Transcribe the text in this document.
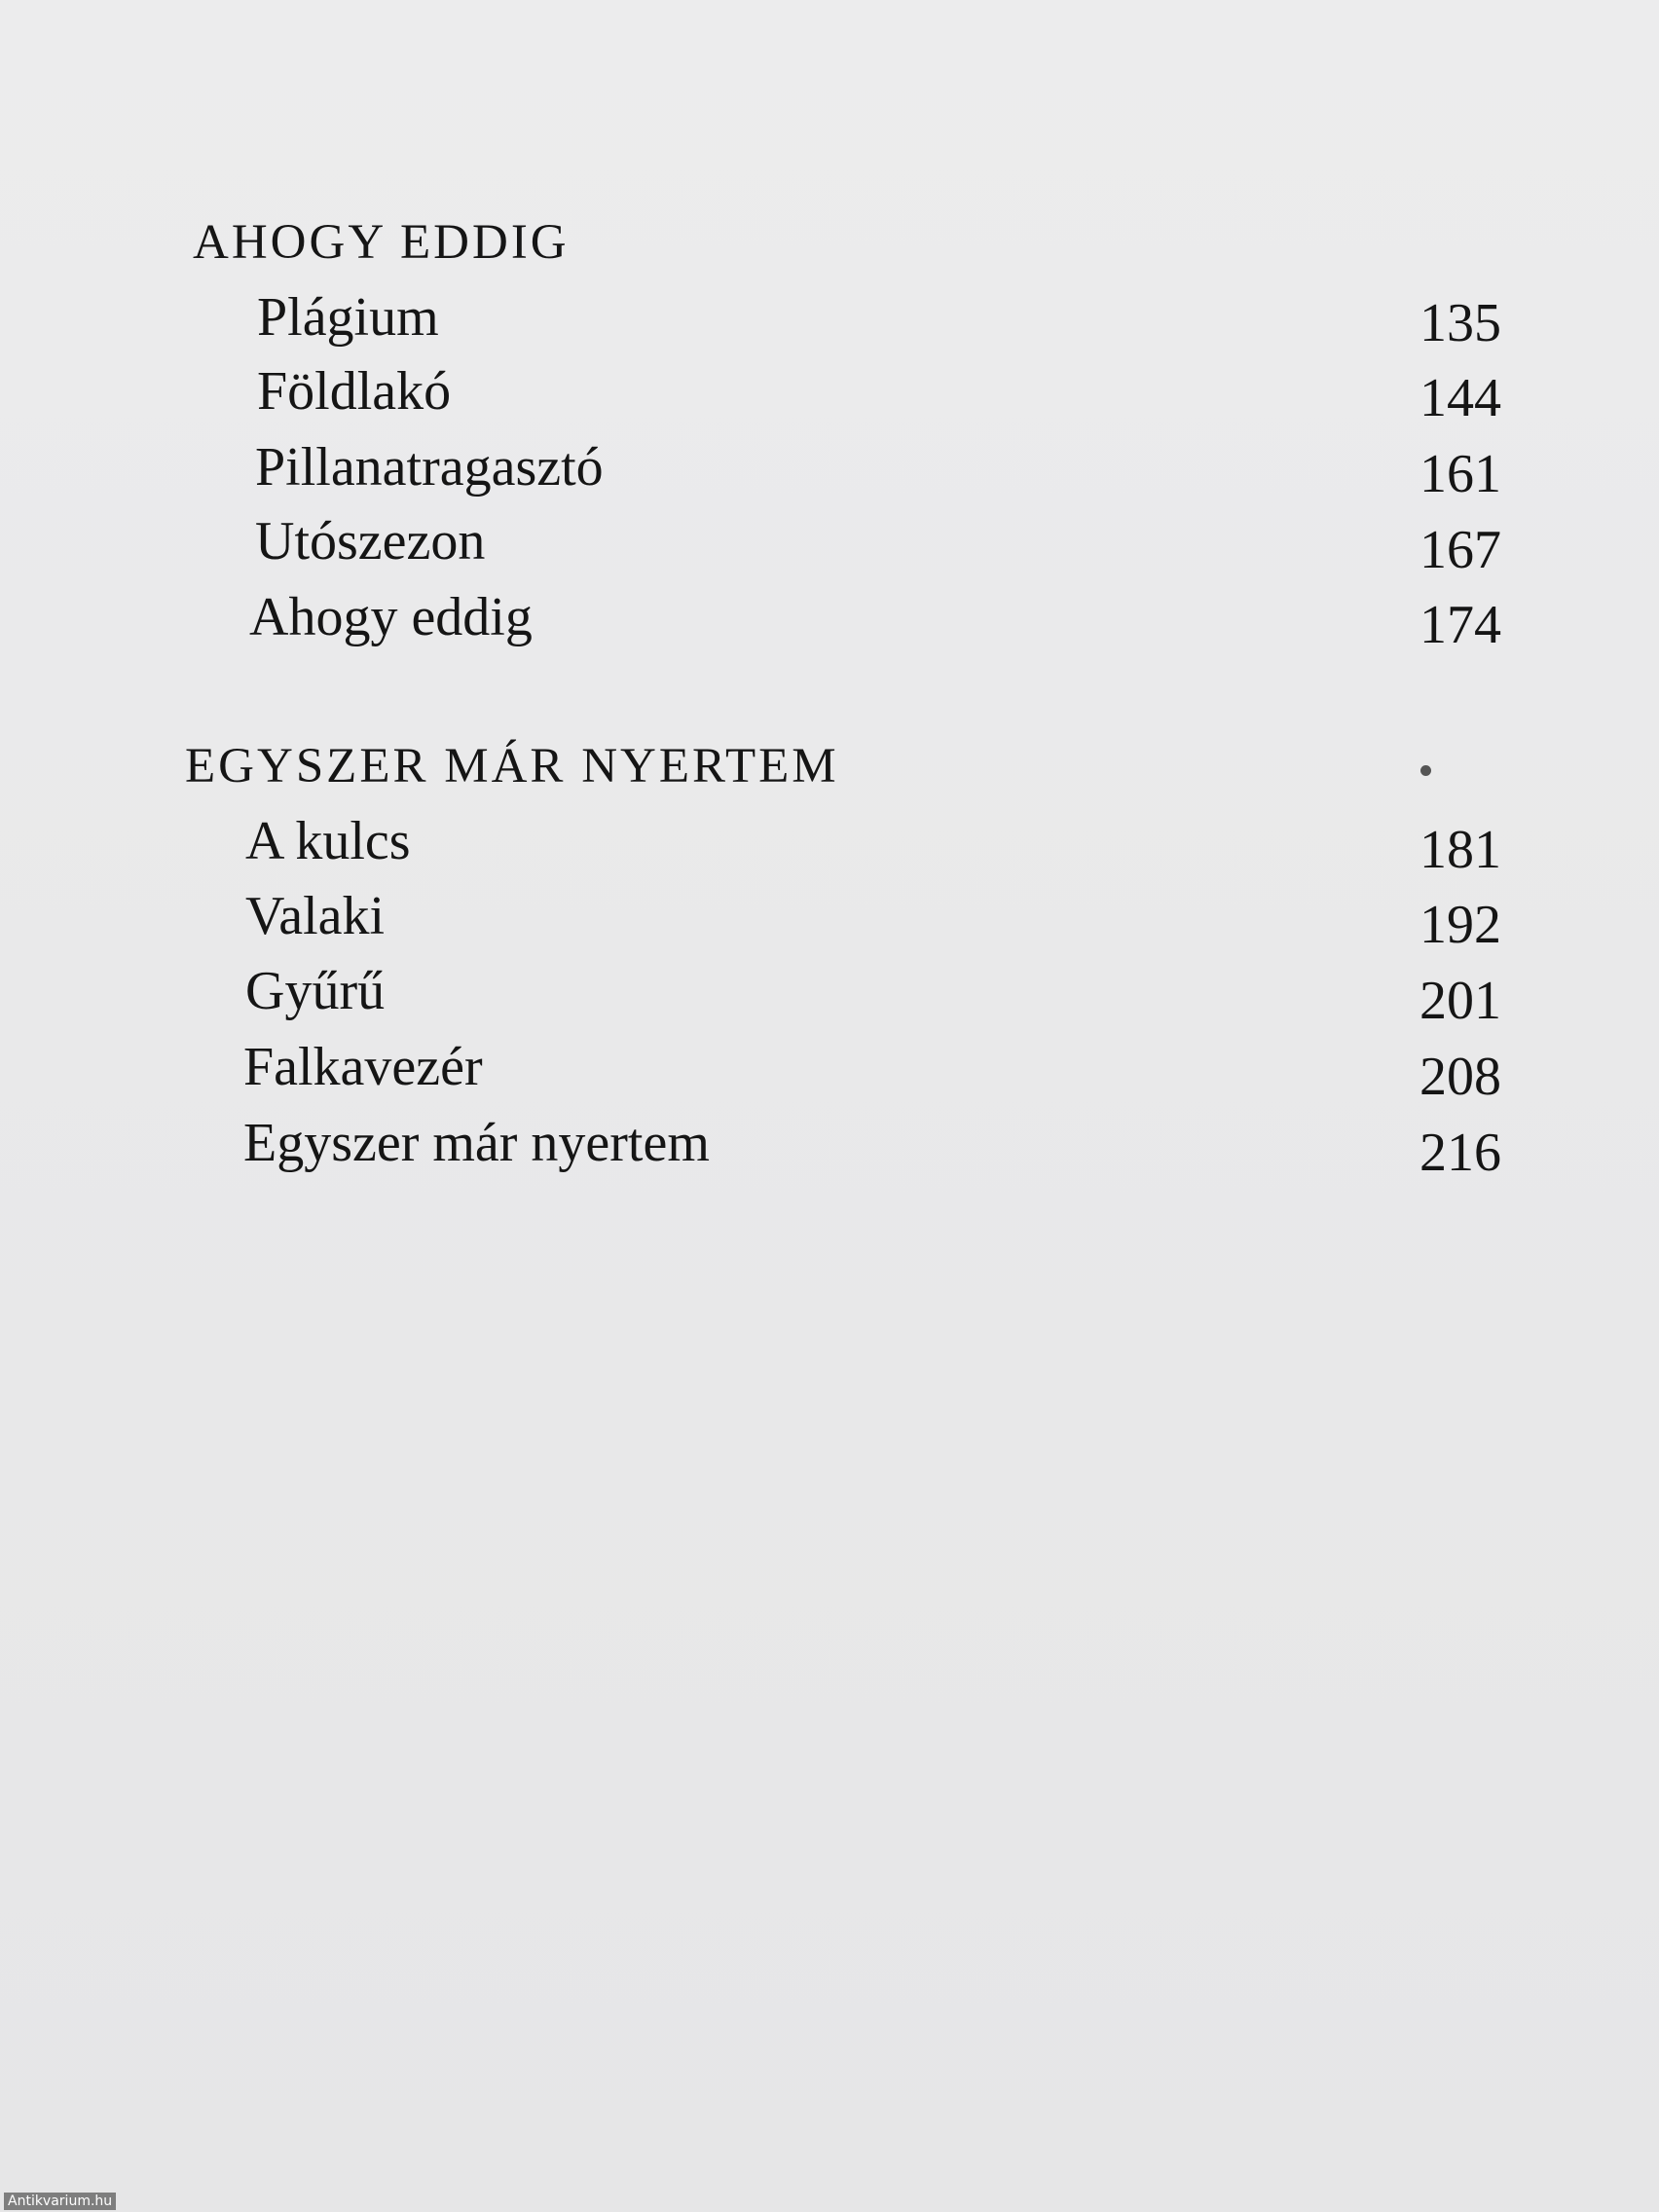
AHOGY EDDIG
Plágium	135
Földlakó	144
Pillanatragasztó	161
Utószezon	167
Ahogy eddig	174
EGYSZER MÁR NYERTEM
A kulcs	181
Valaki	192
Gyűrű	201
Falkavezér	208
Egyszer már nyertem	216
Antikvarium.hu
